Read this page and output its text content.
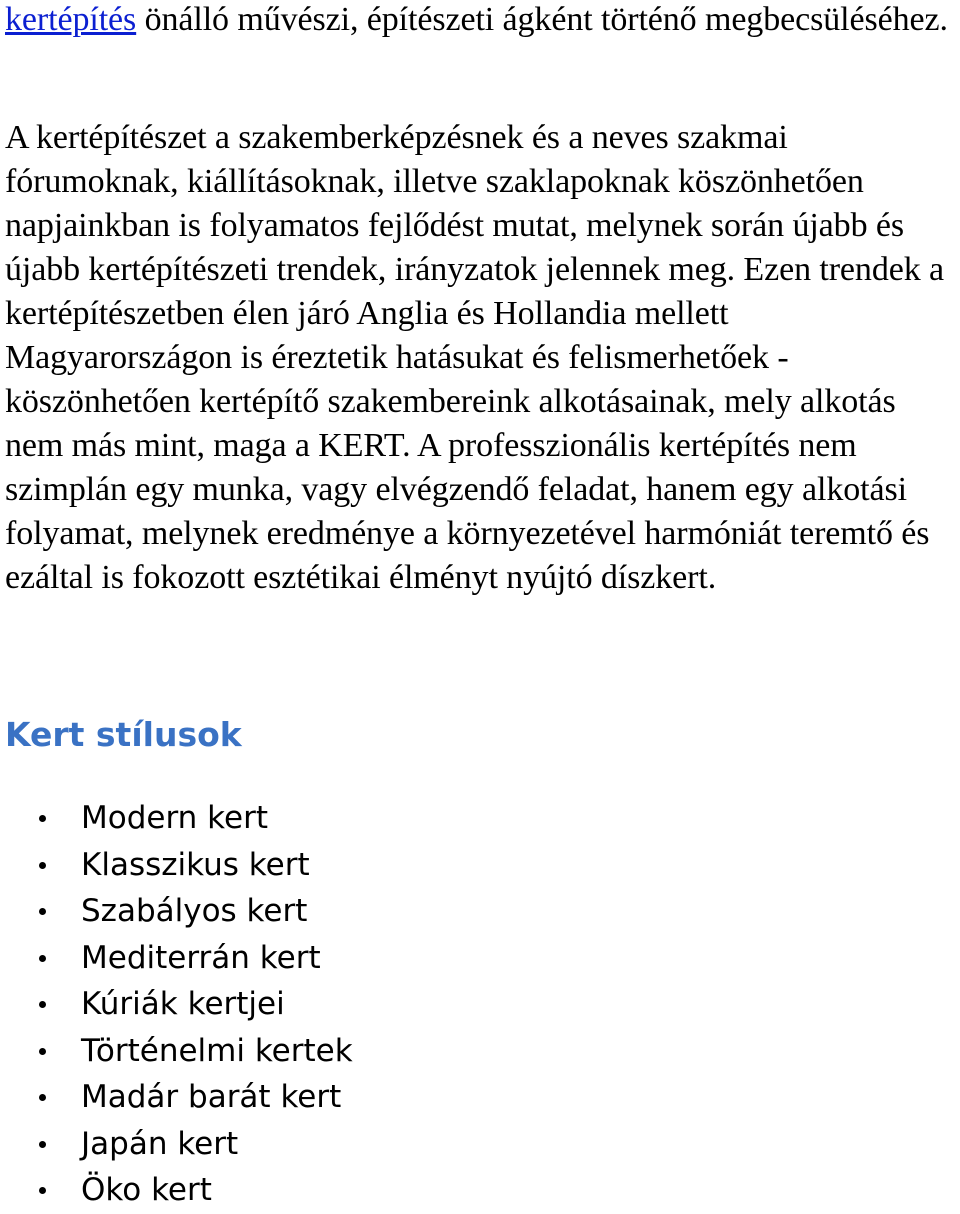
kertépítés önálló művészi, építészeti ágként történő megbecsüléséhez.

A kertépítészet a szakemberképzésnek és a neves szakmai fórumoknak, kiállításoknak, illetve szaklapoknak köszönhetően napjainkban is folyamatos fejlődést mutat, melynek során újabb és újabb kertépítészeti trendek, irányzatok jelennek meg. Ezen trendek a kertépítészetben élen járó Anglia és Hollandia mellett Magyarországon is éreztetik hatásukat és felismerhetőek - köszönhetően kertépítő szakembereink alkotásainak, mely alkotás nem más mint, maga a KERT. A professzionális kertépítés nem szimplán egy munka, vagy elvégzendő feladat, hanem egy alkotási folyamat, melynek eredménye a környezetével harmóniát teremtő és ezáltal is fokozott esztétikai élményt nyújtó díszkert.

Kert stílusok
Modern kert
Klasszikus kert
Szabályos kert
Mediterrán kert
Kúriák kertjei
Történelmi kertek
Madár barát kert
Japán kert
Öko kert
